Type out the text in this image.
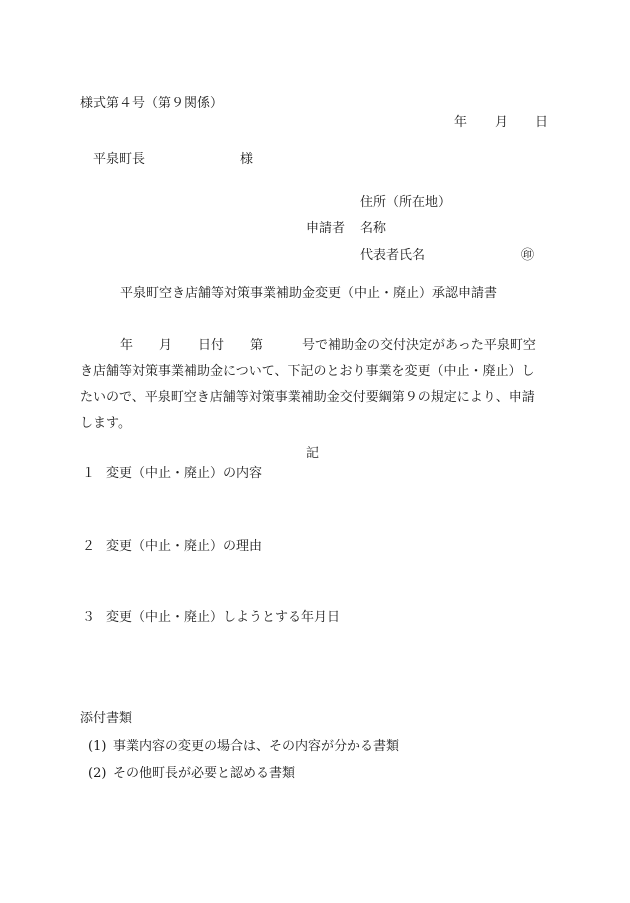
様式第４号（第９関係）
年 月 日
平泉町長	様
住所（所在地）
申請者 名称
代表者氏名	㊞
平泉町空き店舗等対策事業補助金変更（中止・廃止）承認申請書

年　　月　　日付　　第　　　号で補助金の交付決定があった平泉町空

き店舗等対策事業補助金について、下記のとおり事業を変更（中止・廃止）し

たいので、平泉町空き店舗等対策事業補助金交付要綱第９の規定により、申請

します。

記
１ 変更（中止・廃止）の内容
２ 変更（中止・廃止）の理由
３ 変更（中止・廃止）しようとする年月日
添付書類
(1) 事業内容の変更の場合は、その内容が分かる書類
(2) その他町長が必要と認める書類
